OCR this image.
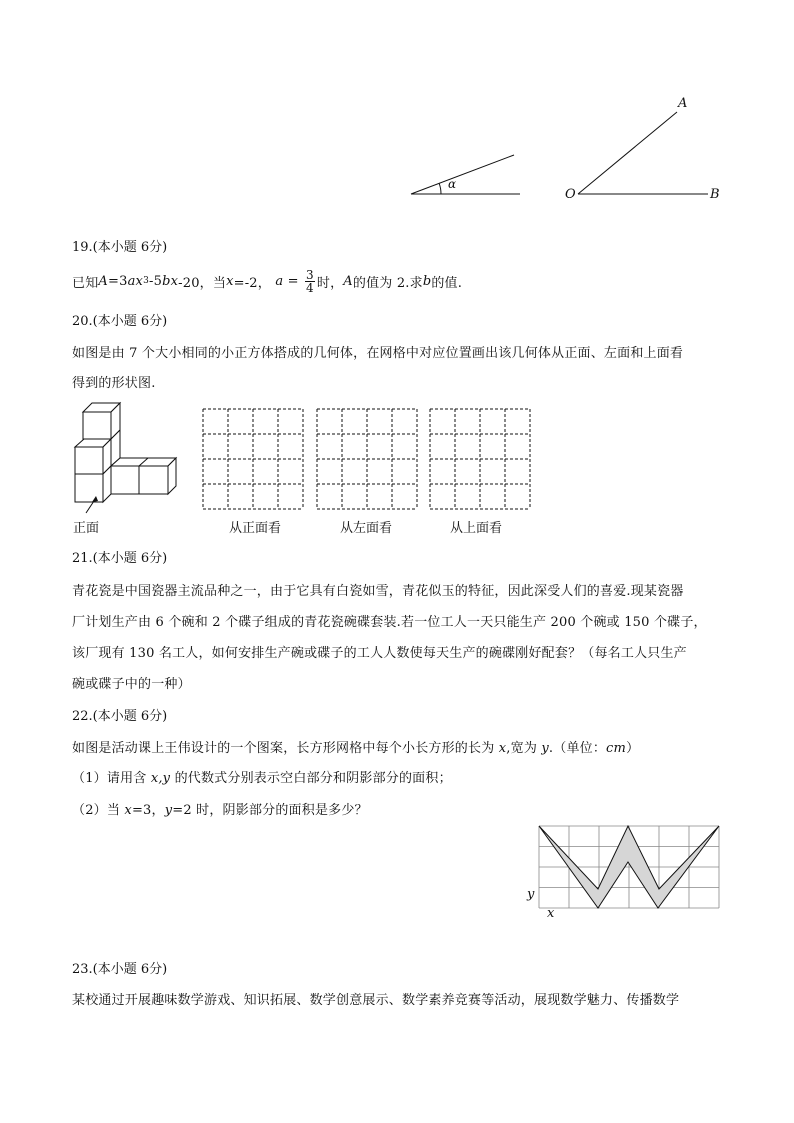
α
A
O	B
19.(本小题 6分)
已知 A =3 ax 3 -5 bx -20，当 x =-2，
$a = \frac{3}{4}$ 时， A 的值为 2.求 b 的值.
20.(本小题 6分)
如图是由 7 个大小相同的小正方体搭成的几何体，在网格中对应位置画出该几何体从正面、左面和上面看
得到的形状图.
正面	从正面看	从左面看	从上面看
21.(本小题 6分)
青花瓷是中国瓷器主流品种之一，由于它具有白瓷如雪，青花似玉的特征，因此深受人们的喜爱.现某瓷器
厂计划生产由 6 个碗和 2 个碟子组成的青花瓷碗碟套装.若一位工人一天只能生产 200 个碗或 150 个碟子，
该厂现有 130 名工人，如何安排生产碗或碟子的工人人数使每天生产的碗碟刚好配套？（每名工人只生产
碗或碟子中的一种）
22.(本小题 6分)
如图是活动课上王伟设计的一个图案，长方形网格中每个小长方形的长为 x,宽为 y.（单位：cm）
（1）请用含 x,y 的代数式分别表示空白部分和阴影部分的面积；
（2）当 x=3，y=2 时，阴影部分的面积是多少？
y
x
23.(本小题 6分)
某校通过开展趣味数学游戏、知识拓展、数学创意展示、数学素养竞赛等活动，展现数学魅力、传播数学
